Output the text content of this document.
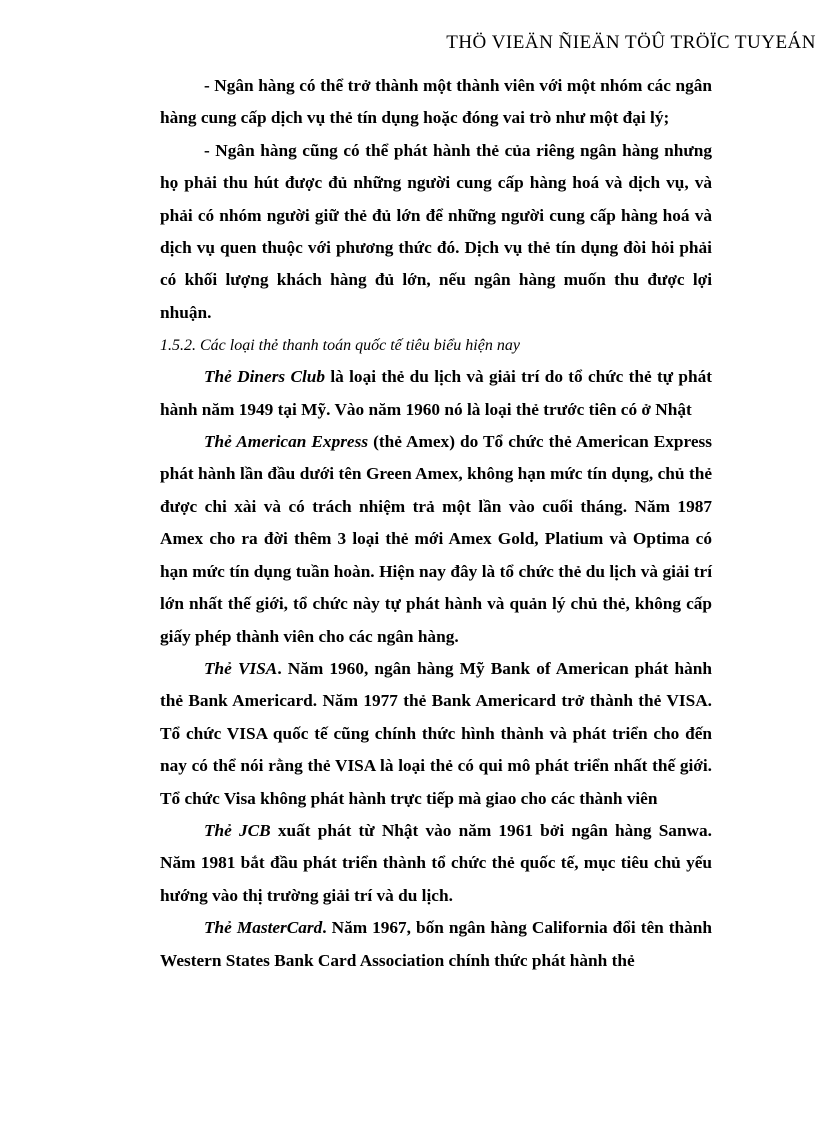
THÖ VIEÄN ÑIEÄN TÖÛ TRÖÏC TUYEÁN

- Ngân hàng có thể trở thành một thành viên với một nhóm các ngân hàng cung cấp dịch vụ thẻ tín dụng hoặc đóng vai trò như một đại lý;

- Ngân hàng cũng có thể phát hành thẻ của riêng ngân hàng nhưng họ phải thu hút được đủ những người cung cấp hàng hoá và dịch vụ, và phải có nhóm người giữ thẻ đủ lớn để những người cung cấp hàng hoá và dịch vụ quen thuộc với phương thức đó. Dịch vụ thẻ tín dụng đòi hỏi phải có khối lượng khách hàng đủ lớn, nếu ngân hàng muốn thu được lợi nhuận.

1.5.2. Các loại thẻ thanh toán quốc tế tiêu biểu hiện nay

Thẻ Diners Club là loại thẻ du lịch và giải trí do tổ chức thẻ tự phát hành năm 1949 tại Mỹ. Vào năm 1960 nó là loại thẻ trước tiên có ở Nhật

Thẻ American Express (thẻ Amex) do Tổ chức thẻ American Express phát hành lần đầu dưới tên Green Amex, không hạn mức tín dụng, chủ thẻ được chi xài và có trách nhiệm trả một lần vào cuối tháng. Năm 1987 Amex cho ra đời thêm 3 loại thẻ mới Amex Gold, Platium và Optima có hạn mức tín dụng tuần hoàn. Hiện nay đây là tổ chức thẻ du lịch và giải trí lớn nhất thế giới, tổ chức này tự phát hành và quản lý chủ thẻ, không cấp giấy phép thành viên cho các ngân hàng.

Thẻ VISA. Năm 1960, ngân hàng Mỹ Bank of American phát hành thẻ Bank Americard. Năm 1977 thẻ Bank Americard trở thành thẻ VISA. Tổ chức VISA quốc tế cũng chính thức hình thành và phát triển cho đến nay có thể nói rằng thẻ VISA là loại thẻ có qui mô phát triển nhất thế giới. Tổ chức Visa không phát hành trực tiếp mà giao cho các thành viên

Thẻ JCB xuất phát từ Nhật vào năm 1961 bởi ngân hàng Sanwa. Năm 1981 bắt đầu phát triển thành tổ chức thẻ quốc tế, mục tiêu chủ yếu hướng vào thị trường giải trí và du lịch.

Thẻ MasterCard. Năm 1967, bốn ngân hàng California đổi tên thành Western States Bank Card Association chính thức phát hành thẻ
